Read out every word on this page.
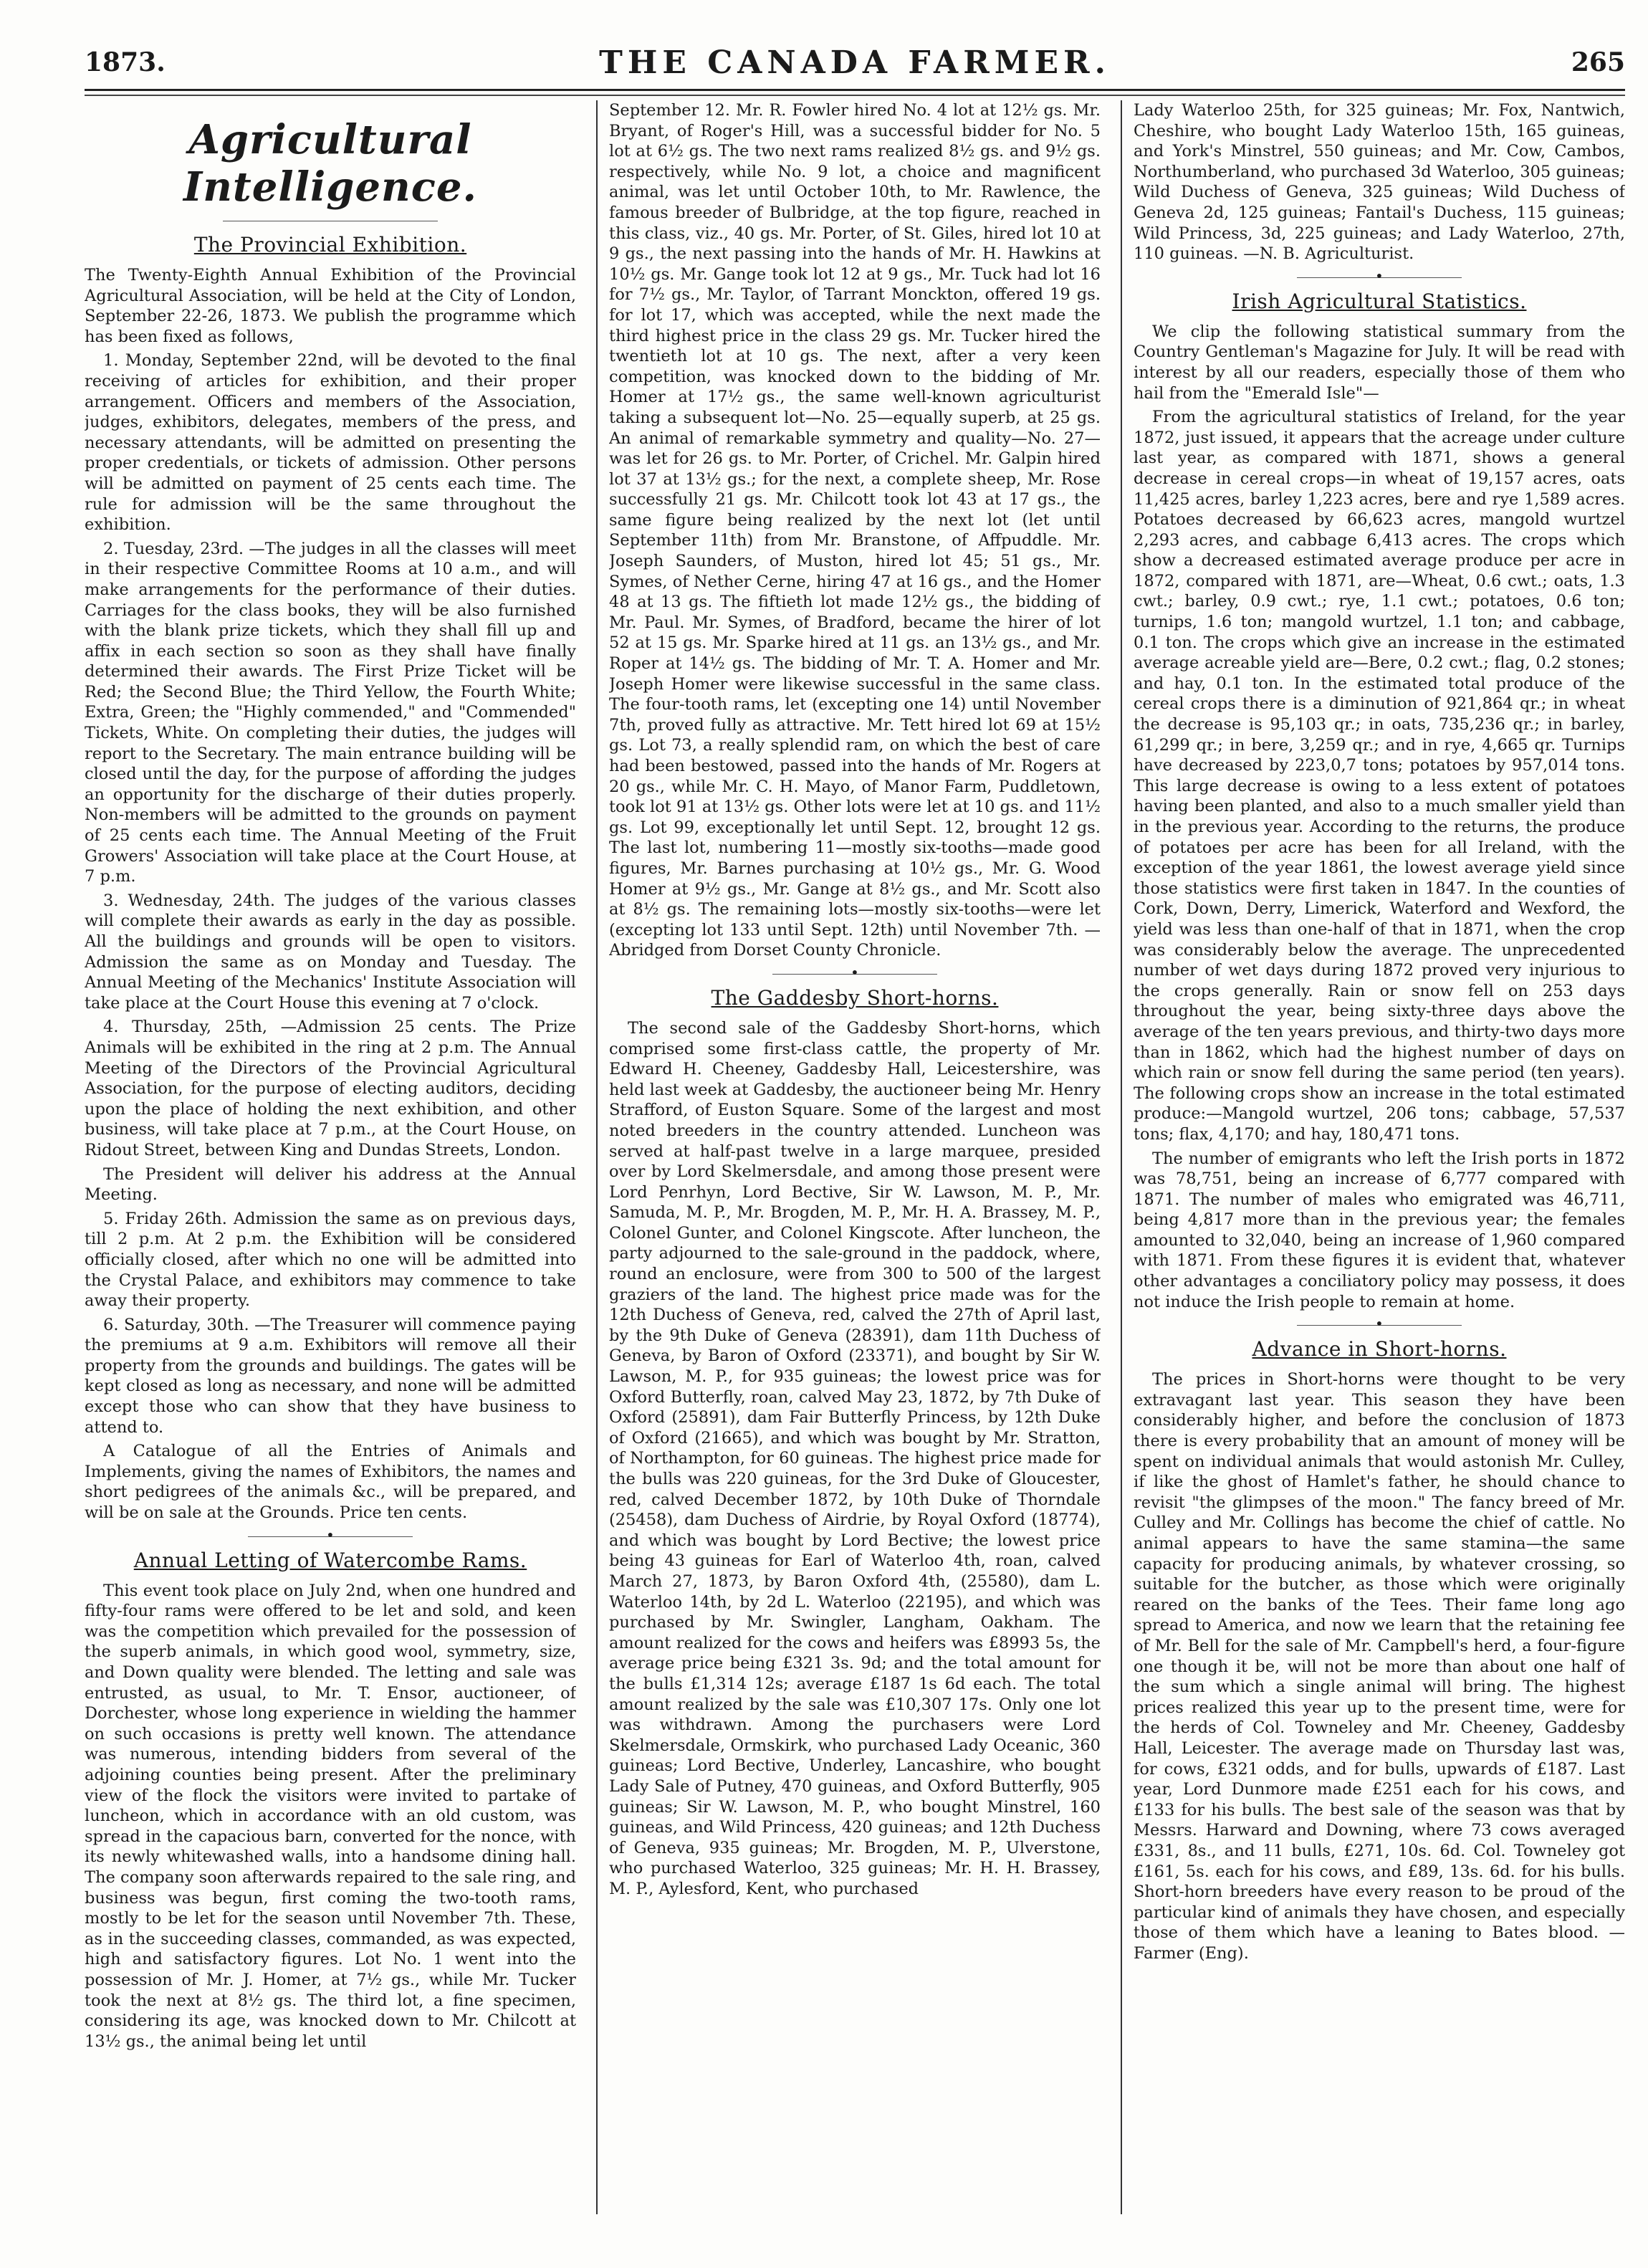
1873.	THE CANADA FARMER.	265
Agricultural Intelligence.
The Provincial Exhibition.

The Twenty-Eighth Annual Exhibition of the Provincial Agricultural Association, will be held at the City of London, September 22-26, 1873. We publish the programme which has been fixed as follows,

1. Monday, September 22nd, will be devoted to the final receiving of articles for exhibition, and their proper arrangement. Officers and members of the Association, judges, exhibitors, delegates, members of the press, and necessary attendants, will be admitted on presenting the proper credentials, or tickets of admission. Other persons will be admitted on payment of 25 cents each time. The rule for admission will be the same throughout the exhibition.

2. Tuesday, 23rd. —The judges in all the classes will meet in their respective Committee Rooms at 10 a.m., and will make arrangements for the performance of their duties. Carriages for the class books, they will be also furnished with the blank prize tickets, which they shall fill up and affix in each section so soon as they shall have finally determined their awards. The First Prize Ticket will be Red; the Second Blue; the Third Yellow, the Fourth White; Extra, Green; the "Highly commended," and "Commended" Tickets, White. On completing their duties, the judges will report to the Secretary. The main entrance building will be closed until the day, for the purpose of affording the judges an opportunity for the discharge of their duties properly. Non-members will be admitted to the grounds on payment of 25 cents each time. The Annual Meeting of the Fruit Growers' Association will take place at the Court House, at 7 p.m.

3. Wednesday, 24th. The judges of the various classes will complete their awards as early in the day as possible. All the buildings and grounds will be open to visitors. Admission the same as on Monday and Tuesday. The Annual Meeting of the Mechanics' Institute Association will take place at the Court House this evening at 7 o'clock.

4. Thursday, 25th, —Admission 25 cents. The Prize Animals will be exhibited in the ring at 2 p.m. The Annual Meeting of the Directors of the Provincial Agricultural Association, for the purpose of electing auditors, deciding upon the place of holding the next exhibition, and other business, will take place at 7 p.m., at the Court House, on Ridout Street, between King and Dundas Streets, London.

The President will deliver his address at the Annual Meeting.

5. Friday 26th. Admission the same as on previous days, till 2 p.m. At 2 p.m. the Exhibition will be considered officially closed, after which no one will be admitted into the Crystal Palace, and exhibitors may commence to take away their property.

6. Saturday, 30th. —The Treasurer will commence paying the premiums at 9 a.m. Exhibitors will remove all their property from the grounds and buildings. The gates will be kept closed as long as necessary, and none will be admitted except those who can show that they have business to attend to.

A Catalogue of all the Entries of Animals and Implements, giving the names of Exhibitors, the names and short pedigrees of the animals &c., will be prepared, and will be on sale at the Grounds. Price ten cents.

•
Annual Letting of Watercombe Rams.

This event took place on July 2nd, when one hundred and fifty-four rams were offered to be let and sold, and keen was the competition which prevailed for the possession of the superb animals, in which good wool, symmetry, size, and Down quality were blended. The letting and sale was entrusted, as usual, to Mr. T. Ensor, auctioneer, of Dorchester, whose long experience in wielding the hammer on such occasions is pretty well known. The attendance was numerous, intending bidders from several of the adjoining counties being present. After the preliminary view of the flock the visitors were invited to partake of luncheon, which in accordance with an old custom, was spread in the capacious barn, converted for the nonce, with its newly whitewashed walls, into a handsome dining hall. The company soon afterwards repaired to the sale ring, and business was begun, first coming the two-tooth rams, mostly to be let for the season until November 7th. These, as in the succeeding classes, commanded, as was expected, high and satisfactory figures. Lot No. 1 went into the possession of Mr. J. Homer, at 7½ gs., while Mr. Tucker took the next at 8½ gs. The third lot, a fine specimen, considering its age, was knocked down to Mr. Chilcott at 13½ gs., the animal being let until

September 12. Mr. R. Fowler hired No. 4 lot at 12½ gs. Mr. Bryant, of Roger's Hill, was a successful bidder for No. 5 lot at 6½ gs. The two next rams realized 8½ gs. and 9½ gs. respectively, while No. 9 lot, a choice and magnificent animal, was let until October 10th, to Mr. Rawlence, the famous breeder of Bulbridge, at the top figure, reached in this class, viz., 40 gs. Mr. Porter, of St. Giles, hired lot 10 at 9 gs., the next passing into the hands of Mr. H. Hawkins at 10½ gs. Mr. Gange took lot 12 at 9 gs., Mr. Tuck had lot 16 for 7½ gs., Mr. Taylor, of Tarrant Monckton, offered 19 gs. for lot 17, which was accepted, while the next made the third highest price in the class 29 gs. Mr. Tucker hired the twentieth lot at 10 gs. The next, after a very keen competition, was knocked down to the bidding of Mr. Homer at 17½ gs., the same well-known agriculturist taking a subsequent lot—No. 25—equally superb, at 25 gs. An animal of remarkable symmetry and quality—No. 27—was let for 26 gs. to Mr. Porter, of Crichel. Mr. Galpin hired lot 37 at 13½ gs.; for the next, a complete sheep, Mr. Rose successfully 21 gs. Mr. Chilcott took lot 43 at 17 gs., the same figure being realized by the next lot (let until September 11th) from Mr. Branstone, of Affpuddle. Mr. Joseph Saunders, of Muston, hired lot 45; 51 gs., Mr. Symes, of Nether Cerne, hiring 47 at 16 gs., and the Homer 48 at 13 gs. The fiftieth lot made 12½ gs., the bidding of Mr. Paul. Mr. Symes, of Bradford, became the hirer of lot 52 at 15 gs. Mr. Sparke hired at 11 gs. an 13½ gs., and Mr. Roper at 14½ gs. The bidding of Mr. T. A. Homer and Mr. Joseph Homer were likewise successful in the same class. The four-tooth rams, let (excepting one 14) until November 7th, proved fully as attractive. Mr. Tett hired lot 69 at 15½ gs. Lot 73, a really splendid ram, on which the best of care had been bestowed, passed into the hands of Mr. Rogers at 20 gs., while Mr. C. H. Mayo, of Manor Farm, Puddletown, took lot 91 at 13½ gs. Other lots were let at 10 gs. and 11½ gs. Lot 99, exceptionally let until Sept. 12, brought 12 gs. The last lot, numbering 11—mostly six-tooths—made good figures, Mr. Barnes purchasing at 10½ gs., Mr. G. Wood Homer at 9½ gs., Mr. Gange at 8½ gs., and Mr. Scott also at 8½ gs. The remaining lots—mostly six-tooths—were let (excepting lot 133 until Sept. 12th) until November 7th. —Abridged from Dorset County Chronicle.

•
The Gaddesby Short-horns.

The second sale of the Gaddesby Short-horns, which comprised some first-class cattle, the property of Mr. Edward H. Cheeney, Gaddesby Hall, Leicestershire, was held last week at Gaddesby, the auctioneer being Mr. Henry Strafford, of Euston Square. Some of the largest and most noted breeders in the country attended. Luncheon was served at half-past twelve in a large marquee, presided over by Lord Skelmersdale, and among those present were Lord Penrhyn, Lord Bective, Sir W. Lawson, M. P., Mr. Samuda, M. P., Mr. Brogden, M. P., Mr. H. A. Brassey, M. P., Colonel Gunter, and Colonel Kingscote. After luncheon, the party adjourned to the sale-ground in the paddock, where, round an enclosure, were from 300 to 500 of the largest graziers of the land. The highest price made was for the 12th Duchess of Geneva, red, calved the 27th of April last, by the 9th Duke of Geneva (28391), dam 11th Duchess of Geneva, by Baron of Oxford (23371), and bought by Sir W. Lawson, M. P., for 935 guineas; the lowest price was for Oxford Butterfly, roan, calved May 23, 1872, by 7th Duke of Oxford (25891), dam Fair Butterfly Princess, by 12th Duke of Oxford (21665), and which was bought by Mr. Stratton, of Northampton, for 60 guineas. The highest price made for the bulls was 220 guineas, for the 3rd Duke of Gloucester, red, calved December 1872, by 10th Duke of Thorndale (25458), dam Duchess of Airdrie, by Royal Oxford (18774), and which was bought by Lord Bective; the lowest price being 43 guineas for Earl of Waterloo 4th, roan, calved March 27, 1873, by Baron Oxford 4th, (25580), dam L. Waterloo 14th, by 2d L. Waterloo (22195), and which was purchased by Mr. Swingler, Langham, Oakham. The amount realized for the cows and heifers was £8993 5s, the average price being £321 3s. 9d; and the total amount for the bulls £1,314 12s; average £187 1s 6d each. The total amount realized by the sale was £10,307 17s. Only one lot was withdrawn. Among the purchasers were Lord Skelmersdale, Ormskirk, who purchased Lady Oceanic, 360 guineas; Lord Bective, Underley, Lancashire, who bought Lady Sale of Putney, 470 guineas, and Oxford Butterfly, 905 guineas; Sir W. Lawson, M. P., who bought Minstrel, 160 guineas, and Wild Princess, 420 guineas; and 12th Duchess of Geneva, 935 guineas; Mr. Brogden, M. P., Ulverstone, who purchased Waterloo, 325 guineas; Mr. H. H. Brassey, M. P., Aylesford, Kent, who purchased

Lady Waterloo 25th, for 325 guineas; Mr. Fox, Nantwich, Cheshire, who bought Lady Waterloo 15th, 165 guineas, and York's Minstrel, 550 guineas; and Mr. Cow, Cambos, Northumberland, who purchased 3d Waterloo, 305 guineas; Wild Duchess of Geneva, 325 guineas; Wild Duchess of Geneva 2d, 125 guineas; Fantail's Duchess, 115 guineas; Wild Princess, 3d, 225 guineas; and Lady Waterloo, 27th, 110 guineas. —N. B. Agriculturist.

•
Irish Agricultural Statistics.

We clip the following statistical summary from the Country Gentleman's Magazine for July. It will be read with interest by all our readers, especially those of them who hail from the "Emerald Isle"—

From the agricultural statistics of Ireland, for the year 1872, just issued, it appears that the acreage under culture last year, as compared with 1871, shows a general decrease in cereal crops—in wheat of 19,157 acres, oats 11,425 acres, barley 1,223 acres, bere and rye 1,589 acres. Potatoes decreased by 66,623 acres, mangold wurtzel 2,293 acres, and cabbage 6,413 acres. The crops which show a decreased estimated average produce per acre in 1872, compared with 1871, are—Wheat, 0.6 cwt.; oats, 1.3 cwt.; barley, 0.9 cwt.; rye, 1.1 cwt.; potatoes, 0.6 ton; turnips, 1.6 ton; mangold wurtzel, 1.1 ton; and cabbage, 0.1 ton. The crops which give an increase in the estimated average acreable yield are—Bere, 0.2 cwt.; flag, 0.2 stones; and hay, 0.1 ton. In the estimated total produce of the cereal crops there is a diminution of 921,864 qr.; in wheat the decrease is 95,103 qr.; in oats, 735,236 qr.; in barley, 61,299 qr.; in bere, 3,259 qr.; and in rye, 4,665 qr. Turnips have decreased by 223,0,7 tons; potatoes by 957,014 tons. This large decrease is owing to a less extent of potatoes having been planted, and also to a much smaller yield than in the previous year. According to the returns, the produce of potatoes per acre has been for all Ireland, with the exception of the year 1861, the lowest average yield since those statistics were first taken in 1847. In the counties of Cork, Down, Derry, Limerick, Waterford and Wexford, the yield was less than one-half of that in 1871, when the crop was considerably below the average. The unprecedented number of wet days during 1872 proved very injurious to the crops generally. Rain or snow fell on 253 days throughout the year, being sixty-three days above the average of the ten years previous, and thirty-two days more than in 1862, which had the highest number of days on which rain or snow fell during the same period (ten years). The following crops show an increase in the total estimated produce:—Mangold wurtzel, 206 tons; cabbage, 57,537 tons; flax, 4,170; and hay, 180,471 tons.

The number of emigrants who left the Irish ports in 1872 was 78,751, being an increase of 6,777 compared with 1871. The number of males who emigrated was 46,711, being 4,817 more than in the previous year; the females amounted to 32,040, being an increase of 1,960 compared with 1871. From these figures it is evident that, whatever other advantages a conciliatory policy may possess, it does not induce the Irish people to remain at home.

•
Advance in Short-horns.

The prices in Short-horns were thought to be very extravagant last year. This season they have been considerably higher, and before the conclusion of 1873 there is every probability that an amount of money will be spent on individual animals that would astonish Mr. Culley, if like the ghost of Hamlet's father, he should chance to revisit "the glimpses of the moon." The fancy breed of Mr. Culley and Mr. Collings has become the chief of cattle. No animal appears to have the same stamina—the same capacity for producing animals, by whatever crossing, so suitable for the butcher, as those which were originally reared on the banks of the Tees. Their fame long ago spread to America, and now we learn that the retaining fee of Mr. Bell for the sale of Mr. Campbell's herd, a four-figure one though it be, will not be more than about one half of the sum which a single animal will bring. The highest prices realized this year up to the present time, were for the herds of Col. Towneley and Mr. Cheeney, Gaddesby Hall, Leicester. The average made on Thursday last was, for cows, £321 odds, and for bulls, upwards of £187. Last year, Lord Dunmore made £251 each for his cows, and £133 for his bulls. The best sale of the season was that by Messrs. Harward and Downing, where 73 cows averaged £331, 8s., and 11 bulls, £271, 10s. 6d. Col. Towneley got £161, 5s. each for his cows, and £89, 13s. 6d. for his bulls. Short-horn breeders have every reason to be proud of the particular kind of animals they have chosen, and especially those of them which have a leaning to Bates blood. —Farmer (Eng).
